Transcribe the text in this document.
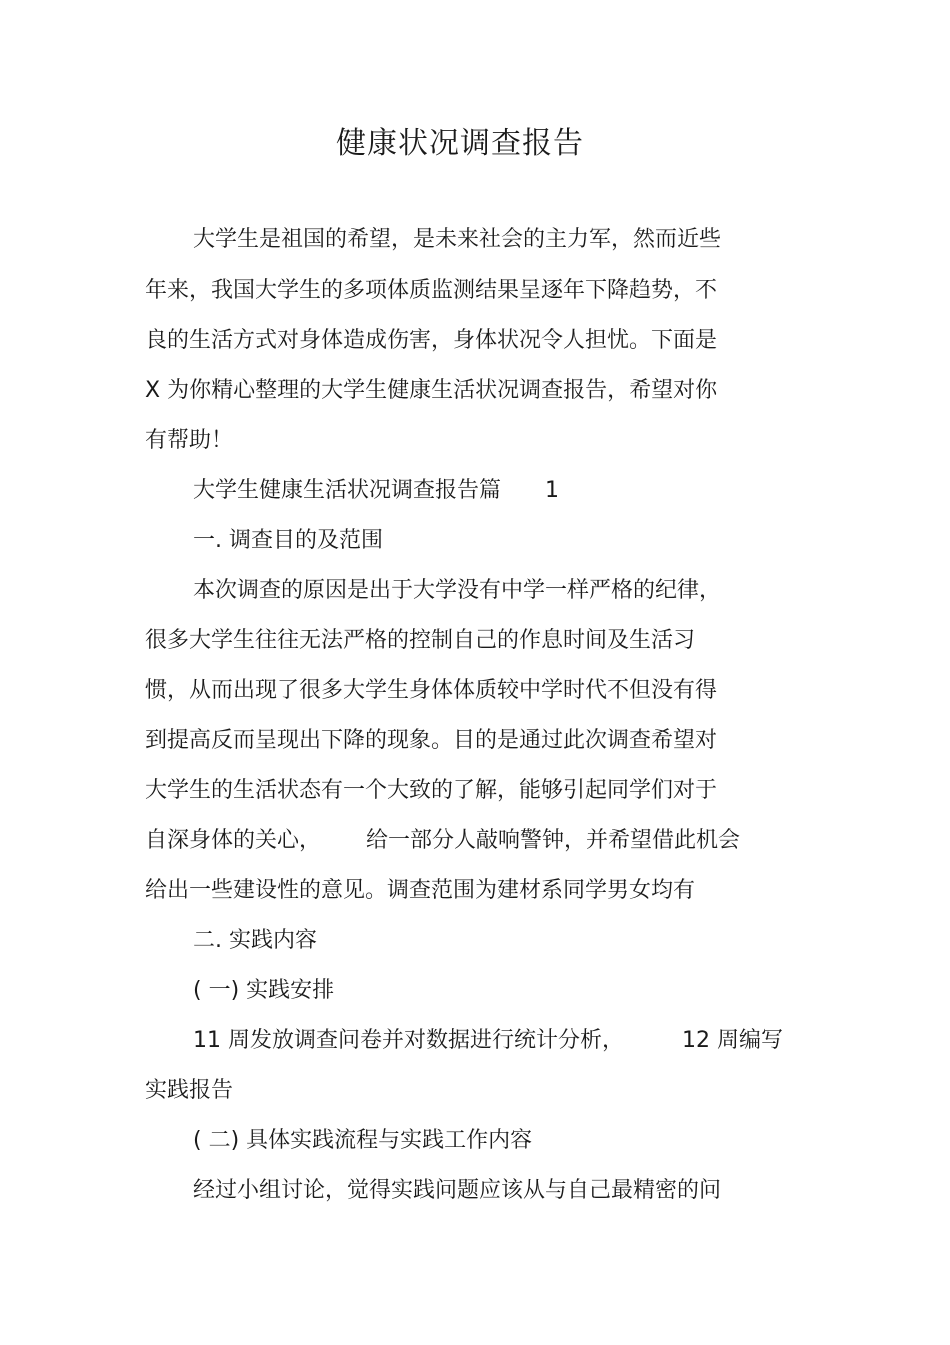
健康状况调查报告

大学生是祖国的希望，是未来社会的主力军，然而近些

年来，我国大学生的多项体质监测结果呈逐年下降趋势，不

良的生活方式对身体造成伤害，身体状况令人担忧。下面是

X 为你精心整理的大学生健康生活状况调查报告，希望对你

有帮助！

大学生健康生活状况调查报告篇 1

一. 调查目的及范围

本次调查的原因是出于大学没有中学一样严格的纪律，

很多大学生往往无法严格的控制自己的作息时间及生活习

惯，从而出现了很多大学生身体体质较中学时代不但没有得

到提高反而呈现出下降的现象。目的是通过此次调查希望对

大学生的生活状态有一个大致的了解，能够引起同学们对于

自深身体的关心， 给一部分人敲响警钟，并希望借此机会

给出一些建设性的意见。调查范围为建材系同学男女均有

二. 实践内容

( 一) 实践安排

11 周发放调查问卷并对数据进行统计分析，	12 周编写

实践报告

( 二) 具体实践流程与实践工作内容

经过小组讨论，觉得实践问题应该从与自己最精密的问
